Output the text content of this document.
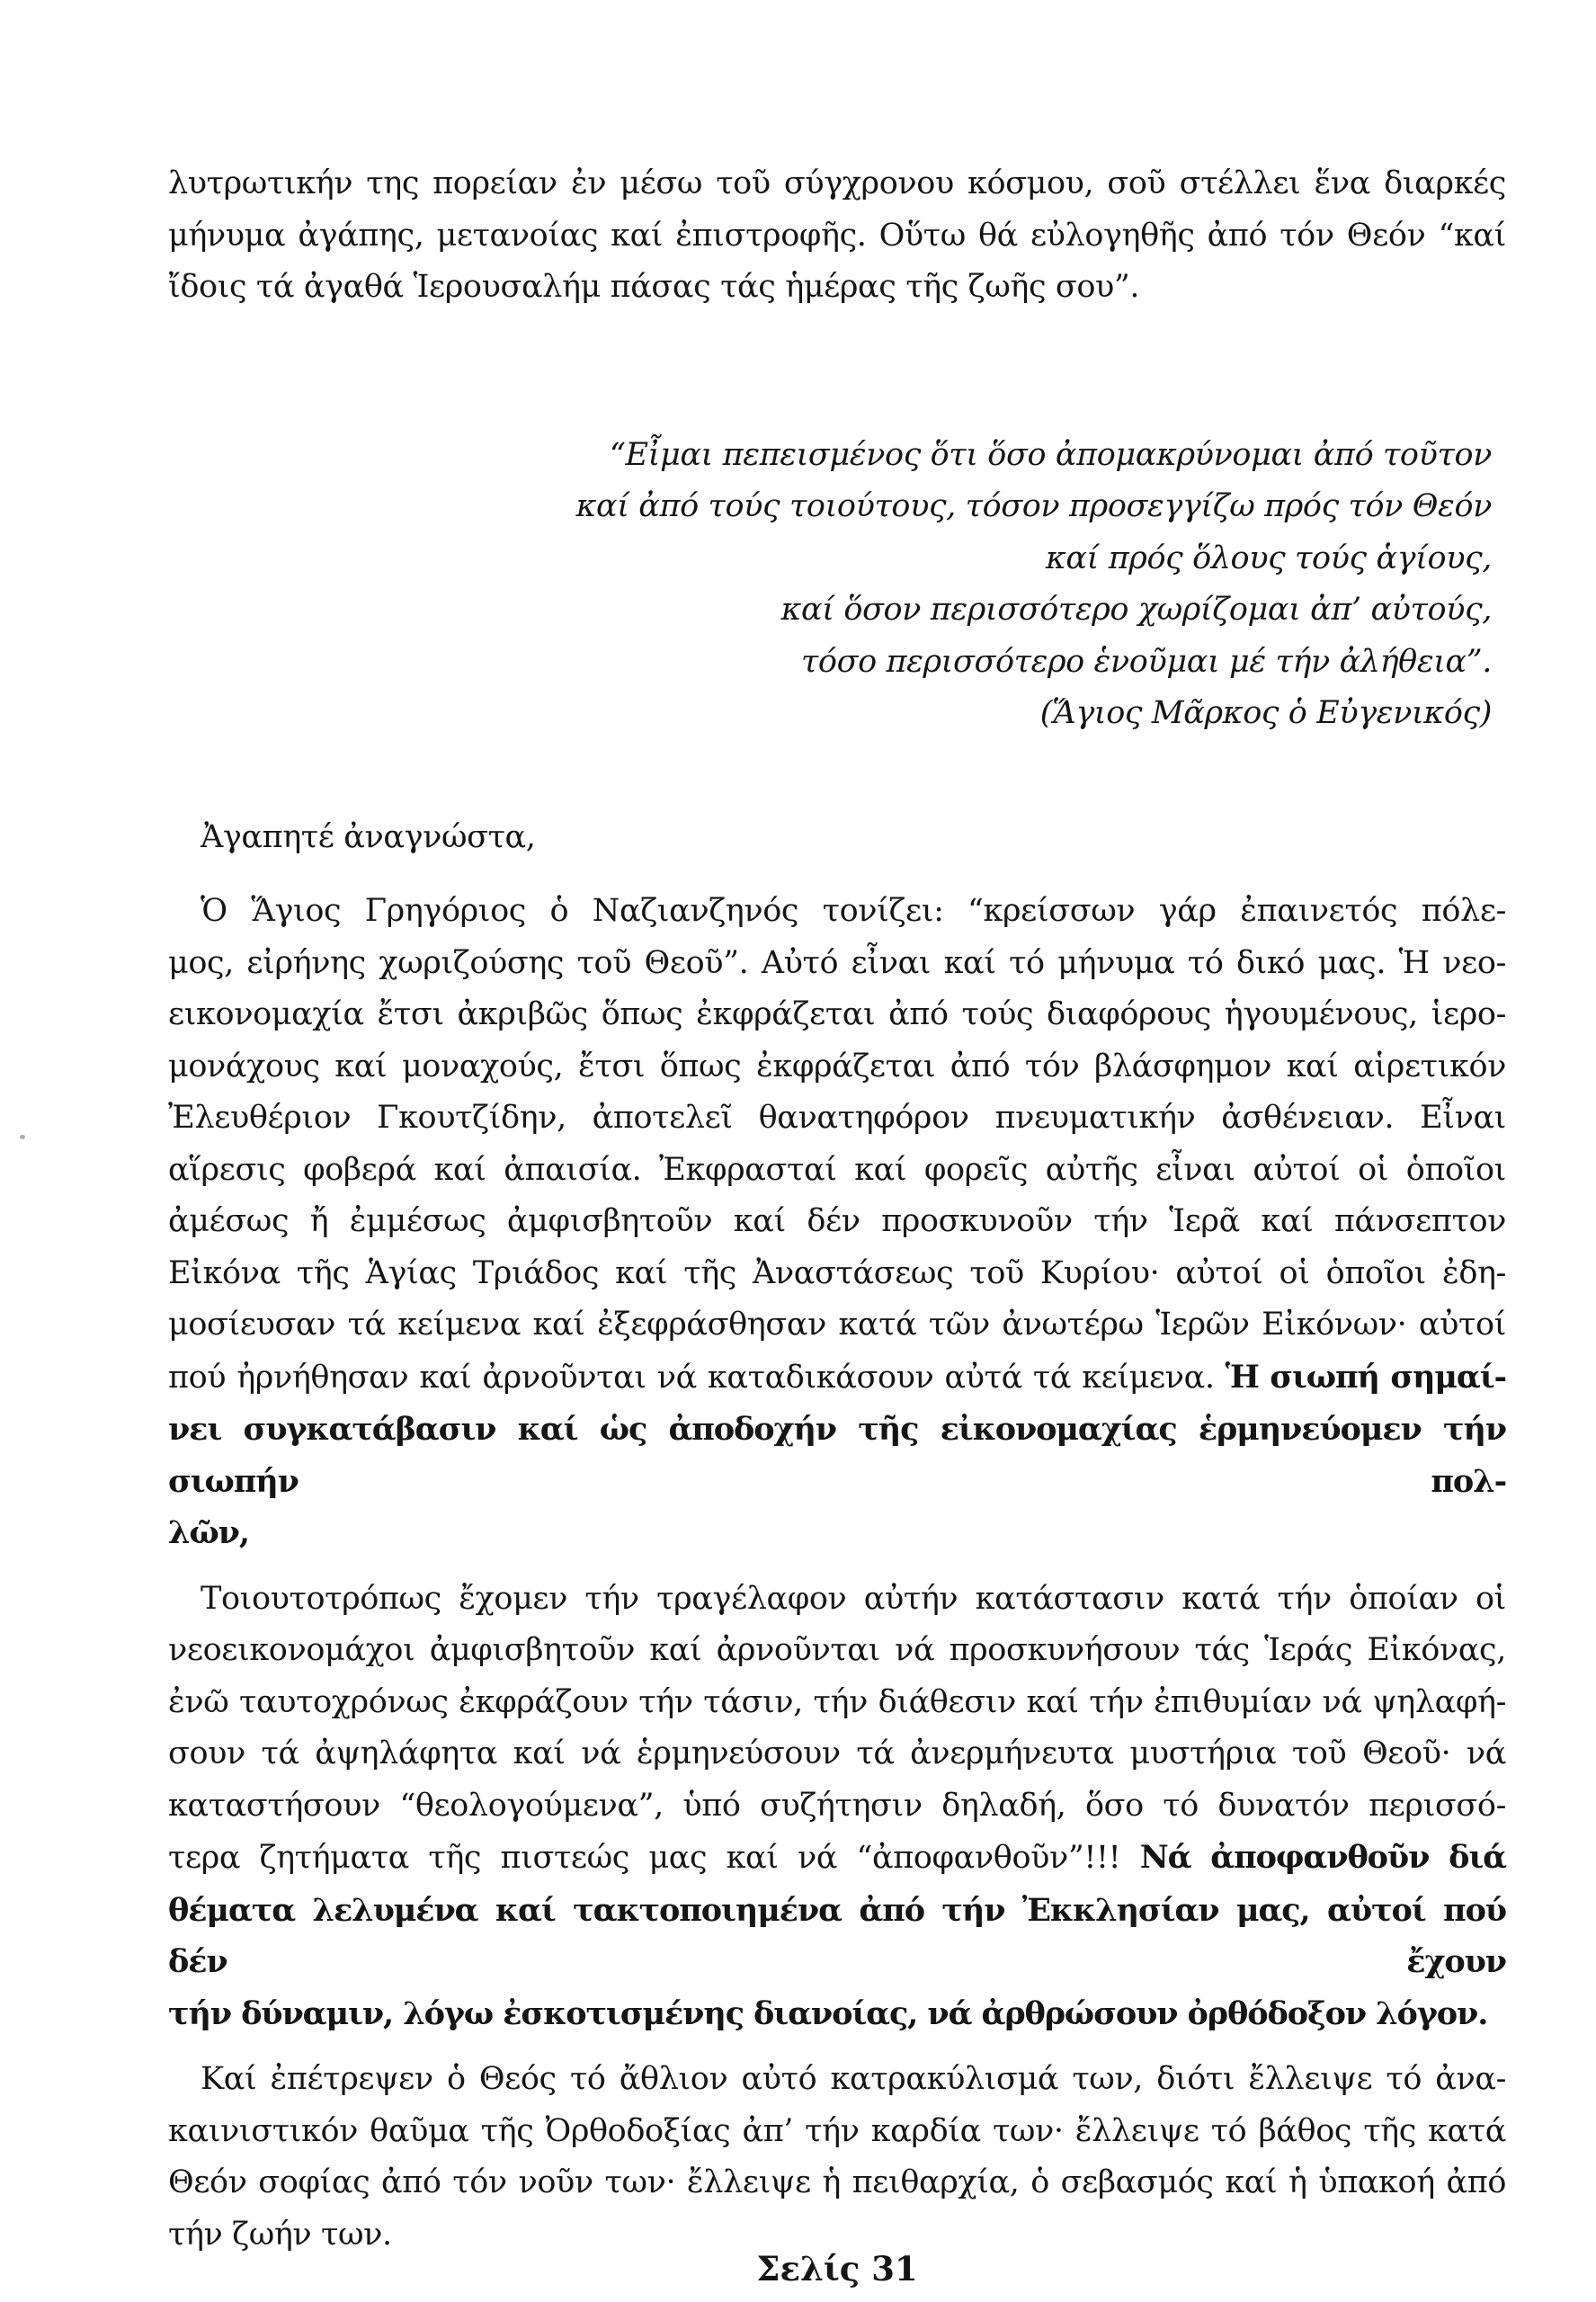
λυτρωτικήν της πορείαν ἐν μέσω τοῦ σύγχρονου κόσμου, σοῦ στέλλει ἕνα διαρκές
μήνυμα ἀγάπης, μετανοίας καί ἐπιστροφῆς. Οὕτω θά εὐλογηθῆς ἀπό τόν Θεόν “καί
ἴδοις τά ἀγαθά Ἱερουσαλήμ πάσας τάς ἡμέρας τῆς ζωῆς σου”.
“Εἶμαι πεπεισμένος ὅτι ὅσο ἀπομακρύνομαι ἀπό τοῦτον
καί ἀπό τούς τοιούτους, τόσον προσεγγίζω πρός τόν Θεόν
καί πρός ὅλους τούς ἁγίους,
καί ὅσον περισσότερο χωρίζομαι ἀπ’ αὐτούς,
τόσο περισσότερο ἑνοῦμαι μέ τήν ἀλήθεια”.
(Ἅγιος Μᾶρκος ὁ Εὐγενικός)
Ἀγαπητέ ἀναγνώστα,
Ὁ Ἅγιος Γρηγόριος ὁ Ναζιανζηνός τονίζει: “κρείσσων γάρ ἐπαινετός πόλε-
μος, εἰρήνης χωριζούσης τοῦ Θεοῦ”. Αὐτό εἶναι καί τό μήνυμα τό δικό μας. Ἡ νεο-
εικονομαχία ἔτσι ἀκριβῶς ὅπως ἐκφράζεται ἀπό τούς διαφόρους ἡγουμένους, ἱερο-
μονάχους καί μοναχούς, ἔτσι ὅπως ἐκφράζεται ἀπό τόν βλάσφημον καί αἱρετικόν
Ἐλευθέριον Γκουτζίδην, ἀποτελεῖ θανατηφόρον πνευματικήν ἀσθένειαν. Εἶναι
αἵρεσις φοβερά καί ἀπαισία. Ἐκφρασταί καί φορεῖς αὐτῆς εἶναι αὐτοί οἱ ὁποῖοι
ἀμέσως ἤ ἐμμέσως ἀμφισβητοῦν καί δέν προσκυνοῦν τήν Ἱερᾶ καί πάνσεπτον
Εἰκόνα τῆς Ἁγίας Τριάδος καί τῆς Ἀναστάσεως τοῦ Κυρίου· αὐτοί οἱ ὁποῖοι ἐδη-
μοσίευσαν τά κείμενα καί ἐξεφράσθησαν κατά τῶν ἀνωτέρω Ἱερῶν Εἰκόνων· αὐτοί
πού ἠρνήθησαν καί ἀρνοῦνται νά καταδικάσουν αὐτά τά κείμενα. Ἡ σιωπή σημαί-
νει συγκατάβασιν καί ὡς ἀποδοχήν τῆς εἰκονομαχίας ἑρμηνεύομεν τήν σιωπήν πολ-
λῶν,
Τοιουτοτρόπως ἔχομεν τήν τραγέλαφον αὐτήν κατάστασιν κατά τήν ὁποίαν οἱ
νεοεικονομάχοι ἀμφισβητοῦν καί ἀρνοῦνται νά προσκυνήσουν τάς Ἱεράς Εἰκόνας,
ἐνῶ ταυτοχρόνως ἐκφράζουν τήν τάσιν, τήν διάθεσιν καί τήν ἐπιθυμίαν νά ψηλαφή-
σουν τά ἀψηλάφητα καί νά ἑρμηνεύσουν τά ἀνερμήνευτα μυστήρια τοῦ Θεοῦ· νά
καταστήσουν “θεολογούμενα”, ὑπό συζήτησιν δηλαδή, ὅσο τό δυνατόν περισσό-
τερα ζητήματα τῆς πιστεώς μας καί νά “ἀποφανθοῦν”!!! Νά ἀποφανθοῦν διά
θέματα λελυμένα καί τακτοποιημένα ἀπό τήν Ἐκκλησίαν μας, αὐτοί πού δέν ἔχουν
τήν δύναμιν, λόγω ἐσκοτισμένης διανοίας, νά ἀρθρώσουν ὀρθόδοξον λόγον.
Καί ἐπέτρεψεν ὁ Θεός τό ἄθλιον αὐτό κατρακύλισμά των, διότι ἔλλειψε τό ἀνα-
καινιστικόν θαῦμα τῆς Ὀρθοδοξίας ἀπ’ τήν καρδία των· ἔλλειψε τό βάθος τῆς κατά
Θεόν σοφίας ἀπό τόν νοῦν των· ἔλλειψε ἡ πειθαρχία, ὁ σεβασμός καί ἡ ὑπακοή ἀπό
τήν ζωήν των.
Σελίς 31
